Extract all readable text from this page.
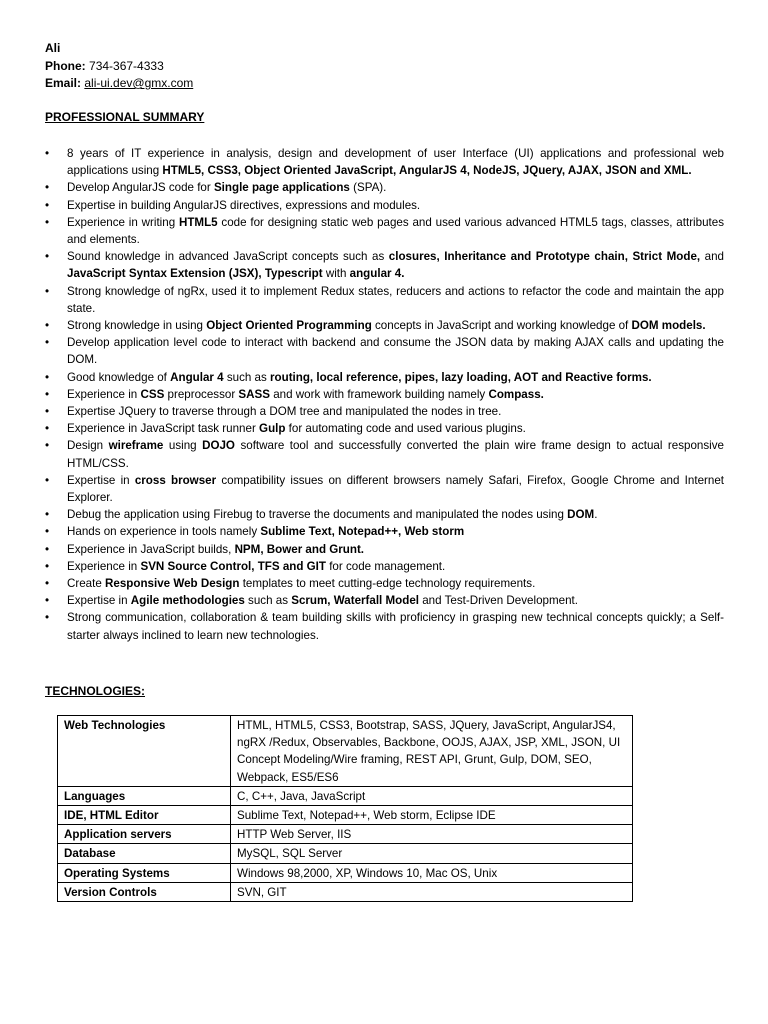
Ali
Phone: 734-367-4333
Email: ali-ui.dev@gmx.com
PROFESSIONAL SUMMARY
• 8 years of IT experience in analysis, design and development of user Interface (UI) applications and professional web applications using HTML5, CSS3, Object Oriented JavaScript, AngularJS 4, NodeJS, JQuery, AJAX, JSON and XML.
• Develop AngularJS code for Single page applications (SPA).
• Expertise in building AngularJS directives, expressions and modules.
• Experience in writing HTML5 code for designing static web pages and used various advanced HTML5 tags, classes, attributes and elements.
• Sound knowledge in advanced JavaScript concepts such as closures, Inheritance and Prototype chain, Strict Mode, and JavaScript Syntax Extension (JSX), Typescript with angular 4.
• Strong knowledge of ngRx, used it to implement Redux states, reducers and actions to refactor the code and maintain the app state.
• Strong knowledge in using Object Oriented Programming concepts in JavaScript and working knowledge of DOM models.
• Develop application level code to interact with backend and consume the JSON data by making AJAX calls and updating the DOM.
• Good knowledge of Angular 4 such as routing, local reference, pipes, lazy loading, AOT and Reactive forms.
• Experience in CSS preprocessor SASS and work with framework building namely Compass.
• Expertise JQuery to traverse through a DOM tree and manipulated the nodes in tree.
• Experience in JavaScript task runner Gulp for automating code and used various plugins.
• Design wireframe using DOJO software tool and successfully converted the plain wire frame design to actual responsive HTML/CSS.
• Expertise in cross browser compatibility issues on different browsers namely Safari, Firefox, Google Chrome and Internet Explorer.
• Debug the application using Firebug to traverse the documents and manipulated the nodes using DOM.
• Hands on experience in tools namely Sublime Text, Notepad++, Web storm
• Experience in JavaScript builds, NPM, Bower and Grunt.
• Experience in SVN Source Control, TFS and GIT for code management.
• Create Responsive Web Design templates to meet cutting-edge technology requirements.
• Expertise in Agile methodologies such as Scrum, Waterfall Model and Test-Driven Development.
• Strong communication, collaboration & team building skills with proficiency in grasping new technical concepts quickly; a Self-starter always inclined to learn new technologies.
TECHNOLOGIES:
Web Technologies	HTML, HTML5, CSS3, Bootstrap, SASS, JQuery, JavaScript, AngularJS4, ngRX /Redux, Observables, Backbone, OOJS, AJAX, JSP, XML, JSON, UI Concept Modeling/Wire framing, REST API, Grunt, Gulp, DOM, SEO, Webpack, ES5/ES6
Languages	C, C++, Java, JavaScript
IDE, HTML Editor	Sublime Text, Notepad++, Web storm, Eclipse IDE
Application servers	HTTP Web Server, IIS
Database	MySQL, SQL Server
Operating Systems	Windows 98,2000, XP, Windows 10, Mac OS, Unix
Version Controls	SVN, GIT
